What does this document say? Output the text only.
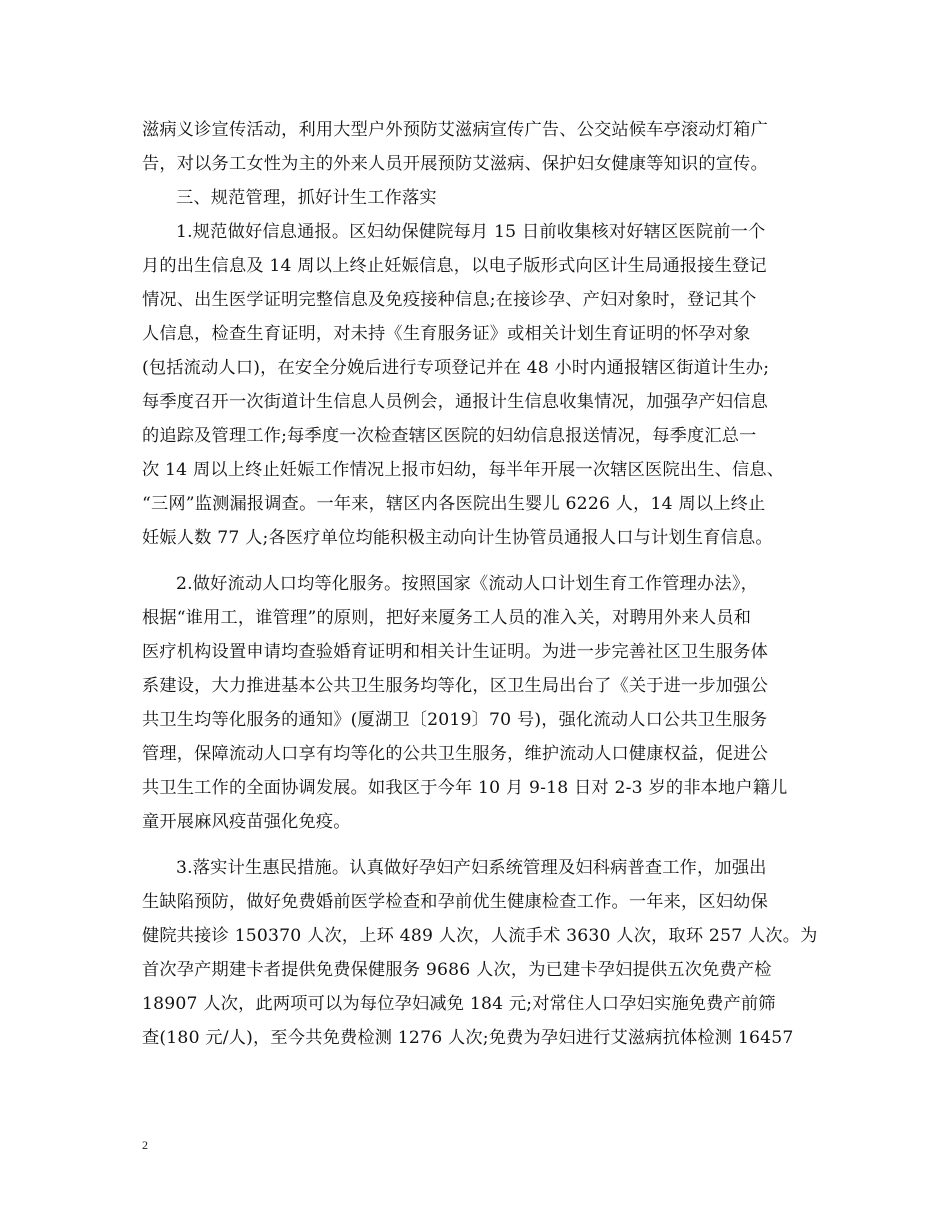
滋病义诊宣传活动，利用大型户外预防艾滋病宣传广告、公交站候车亭滚动灯箱广
告，对以务工女性为主的外来人员开展预防艾滋病、保护妇女健康等知识的宣传。
三、规范管理，抓好计生工作落实
1.规范做好信息通报。区妇幼保健院每月 15 日前收集核对好辖区医院前一个
月的出生信息及 14 周以上终止妊娠信息，以电子版形式向区计生局通报接生登记
情况、出生医学证明完整信息及免疫接种信息;在接诊孕、产妇对象时，登记其个
人信息，检查生育证明，对未持《生育服务证》或相关计划生育证明的怀孕对象
(包括流动人口)，在安全分娩后进行专项登记并在 48 小时内通报辖区街道计生办;
每季度召开一次街道计生信息人员例会，通报计生信息收集情况，加强孕产妇信息
的追踪及管理工作;每季度一次检查辖区医院的妇幼信息报送情况，每季度汇总一
次 14 周以上终止妊娠工作情况上报市妇幼，每半年开展一次辖区医院出生、信息、
“三网”监测漏报调查。一年来，辖区内各医院出生婴儿 6226 人，14 周以上终止
妊娠人数 77 人;各医疗单位均能积极主动向计生协管员通报人口与计划生育信息。
2.做好流动人口均等化服务。按照国家《流动人口计划生育工作管理办法》，
根据“谁用工，谁管理”的原则，把好来厦务工人员的准入关，对聘用外来人员和
医疗机构设置申请均查验婚育证明和相关计生证明。为进一步完善社区卫生服务体
系建设，大力推进基本公共卫生服务均等化，区卫生局出台了《关于进一步加强公
共卫生均等化服务的通知》(厦湖卫〔2019〕70 号)，强化流动人口公共卫生服务
管理，保障流动人口享有均等化的公共卫生服务，维护流动人口健康权益，促进公
共卫生工作的全面协调发展。如我区于今年 10 月 9-18 日对 2-3 岁的非本地户籍儿
童开展麻风疫苗强化免疫。
3.落实计生惠民措施。认真做好孕妇产妇系统管理及妇科病普查工作，加强出
生缺陷预防，做好免费婚前医学检查和孕前优生健康检查工作。一年来，区妇幼保
健院共接诊 150370 人次，上环 489 人次，人流手术 3630 人次，取环 257 人次。为
首次孕产期建卡者提供免费保健服务 9686 人次，为已建卡孕妇提供五次免费产检
18907 人次，此两项可以为每位孕妇减免 184 元;对常住人口孕妇实施免费产前筛
查(180 元/人)，至今共免费检测 1276 人次;免费为孕妇进行艾滋病抗体检测 16457
2
